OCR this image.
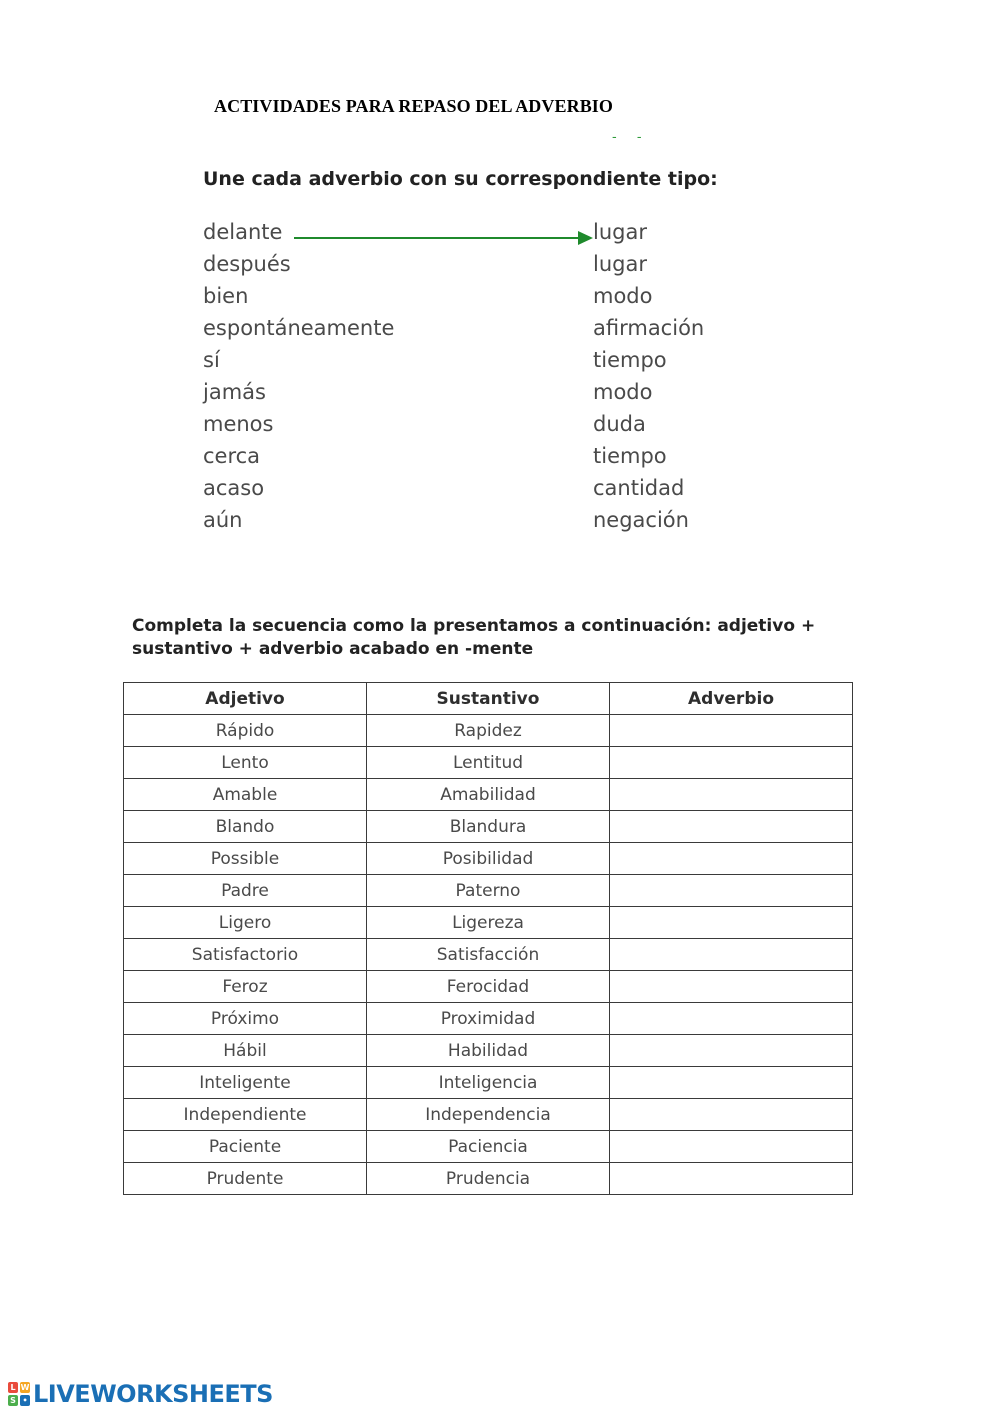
ACTIVIDADES PARA REPASO DEL ADVERBIO
- -
Une cada adverbio con su correspondiente tipo:
delante
después
bien
espontáneamente
sí
jamás
menos
cerca
acaso
aún
lugar
lugar
modo
afirmación
tiempo
modo
duda
tiempo
cantidad
negación
Completa la secuencia como la presentamos a continuación: adjetivo + sustantivo + adverbio acabado en -mente
Adjetivo	Sustantivo	Adverbio
Rápido	Rapidez	
Lento	Lentitud	
Amable	Amabilidad	
Blando	Blandura	
Possible	Posibilidad	
Padre	Paterno	
Ligero	Ligereza	
Satisfactorio	Satisfacción	
Feroz	Ferocidad	
Próximo	Proximidad	
Hábil	Habilidad	
Inteligente	Inteligencia	
Independiente	Independencia	
Paciente	Paciencia	
Prudente	Prudencia	
L W
S • LIVEWORKSHEETS
